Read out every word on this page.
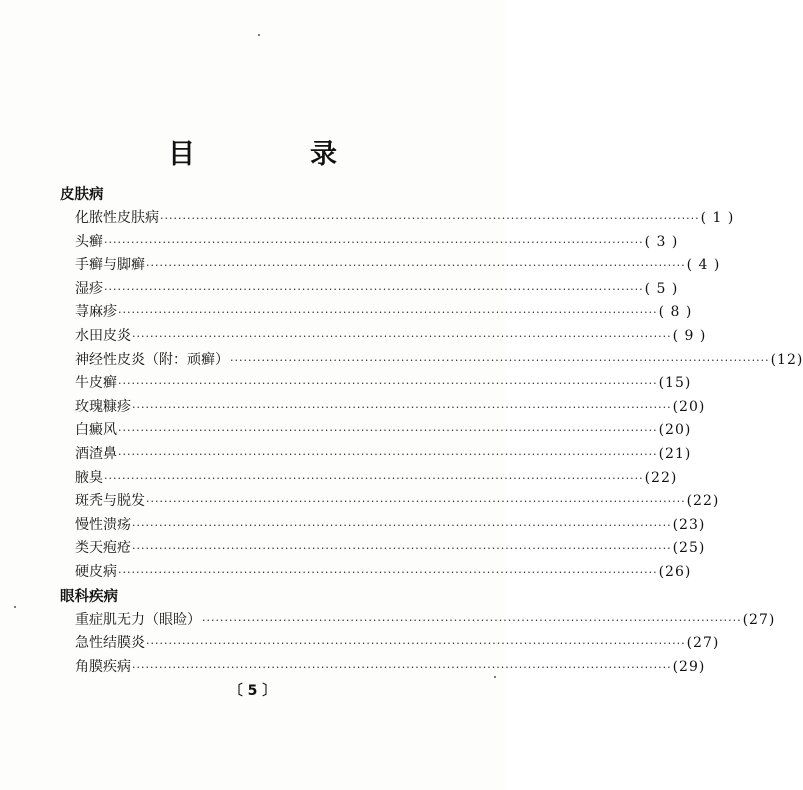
目　录
皮肤病
化脓性皮肤病 ························································································································ ( 1 )
头癣 ························································································································ ( 3 )
手癣与脚癣 ························································································································ ( 4 )
湿疹 ························································································································ ( 5 )
荨麻疹 ························································································································ ( 8 )
水田皮炎 ························································································································ ( 9 )
神经性皮炎（附：顽癣） ························································································································ (12)
牛皮癣 ························································································································ (15)
玫瑰糠疹 ························································································································ (20)
白癜风 ························································································································ (20)
酒渣鼻 ························································································································ (21)
腋臭 ························································································································ (22)
斑秃与脱发 ························································································································ (22)
慢性溃疡 ························································································································ (23)
类天疱疮 ························································································································ (25)
硬皮病 ························································································································ (26)
眼科疾病
重症肌无力（眼睑） ························································································································ (27)
急性结膜炎 ························································································································ (27)
角膜疾病 ························································································································ (29)
〔 5 〕
